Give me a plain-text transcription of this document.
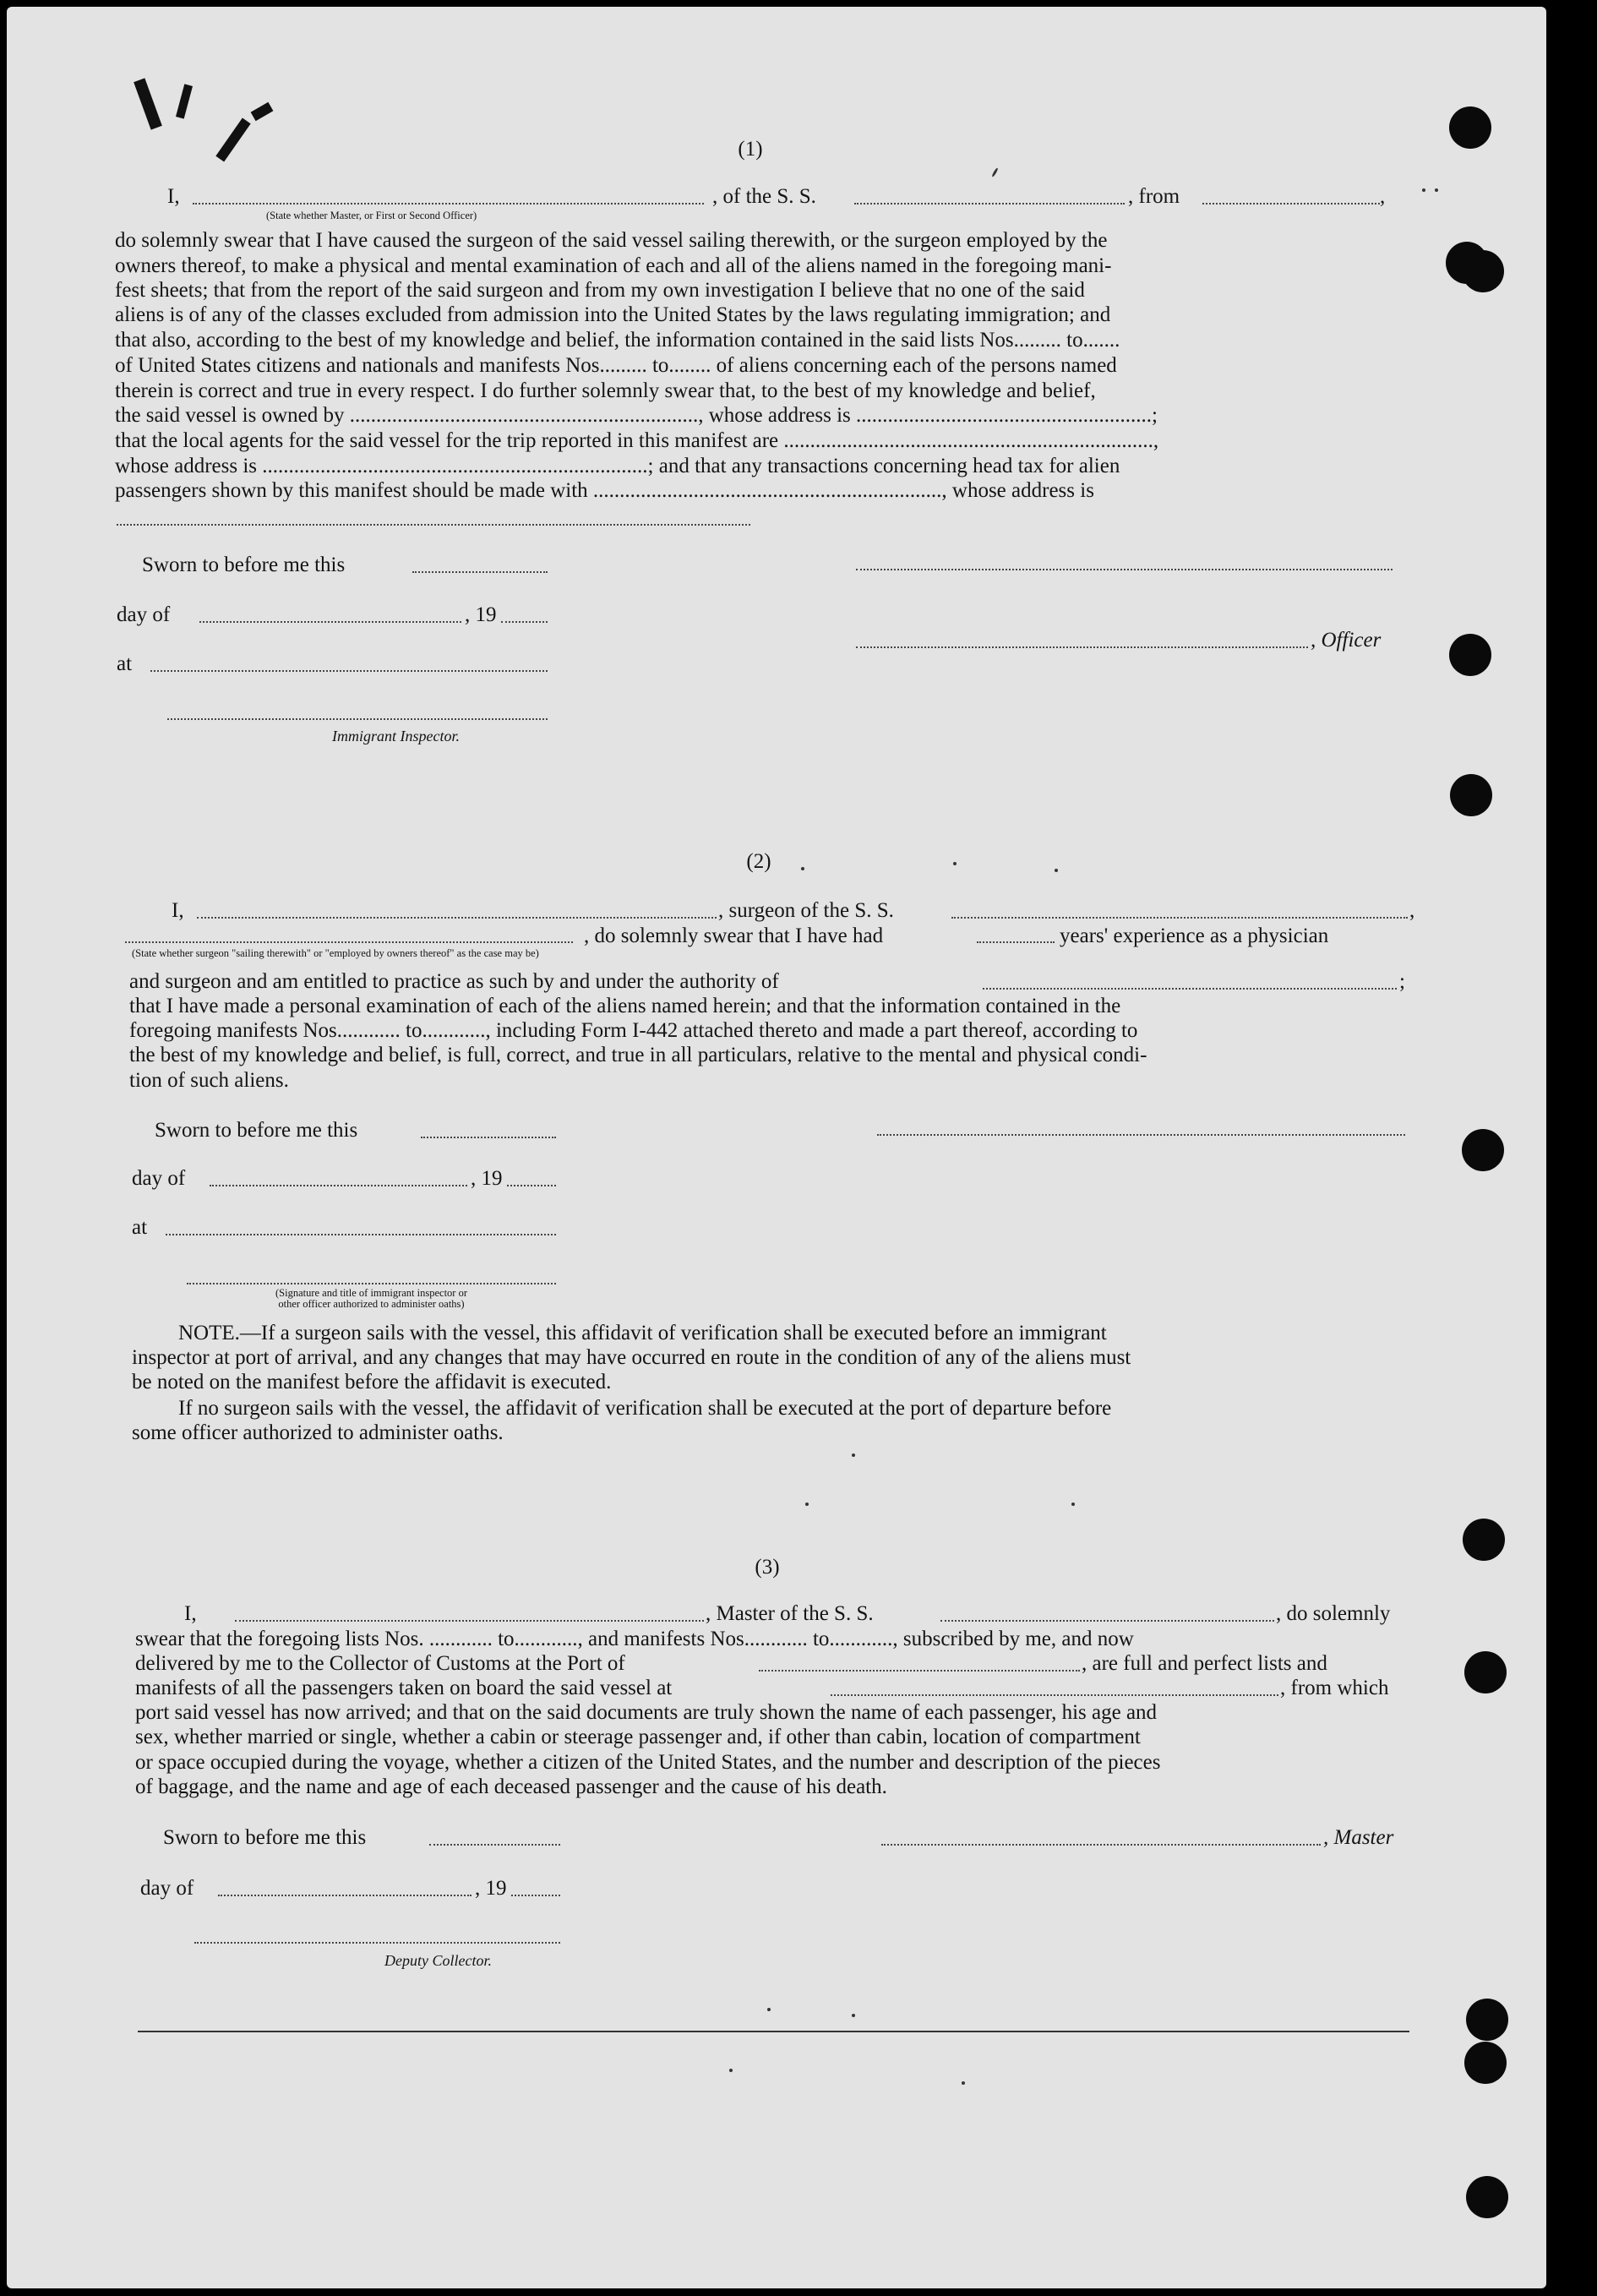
(1)
I,
(State whether Master, or First or Second Officer)
, of the S. S.	, from	,
do solemnly swear that I have caused the surgeon of the said vessel sailing therewith, or the surgeon employed by the
owners thereof, to make a physical and mental examination of each and all of the aliens named in the foregoing mani-
fest sheets; that from the report of the said surgeon and from my own investigation I believe that no one of the said
aliens is of any of the classes excluded from admission into the United States by the laws regulating immigration; and
that also, according to the best of my knowledge and belief, the information contained in the said lists Nos......... to.......
of United States citizens and nationals and manifests Nos......... to........ of aliens concerning each of the persons named
therein is correct and true in every respect. I do further solemnly swear that, to the best of my knowledge and belief,
the said vessel is owned by .................................................................., whose address is ........................................................;
that the local agents for the said vessel for the trip reported in this manifest are ......................................................................,
whose address is .........................................................................; and that any transactions concerning head tax for alien
passengers shown by this manifest should be made with .................................................................., whose address is
Sworn to before me this
day of	, 19
, Officer
at
Immigrant Inspector.
(2)
I,	, surgeon of the S. S.	,
, do solemnly swear that I have had	years' experience as a physician
(State whether surgeon "sailing therewith" or "employed by owners thereof" as the case may be)
and surgeon and am entitled to practice as such by and under the authority of	;
that I have made a personal examination of each of the aliens named herein; and that the information contained in the
foregoing manifests Nos............ to............, including Form I-442 attached thereto and made a part thereof, according to
the best of my knowledge and belief, is full, correct, and true in all particulars, relative to the mental and physical condi-
tion of such aliens.
Sworn to before me this
day of	, 19
at
(Signature and title of immigrant inspector or
other officer authorized to administer oaths)
NOTE.—If a surgeon sails with the vessel, this affidavit of verification shall be executed before an immigrant
inspector at port of arrival, and any changes that may have occurred en route in the condition of any of the aliens must
be noted on the manifest before the affidavit is executed.
If no surgeon sails with the vessel, the affidavit of verification shall be executed at the port of departure before
some officer authorized to administer oaths.
(3)
I,	, Master of the S. S.	, do solemnly
swear that the foregoing lists Nos. ............ to............, and manifests Nos............ to............, subscribed by me, and now
delivered by me to the Collector of Customs at the Port of	, are full and perfect lists and
manifests of all the passengers taken on board the said vessel at	, from which
port said vessel has now arrived; and that on the said documents are truly shown the name of each passenger, his age and
sex, whether married or single, whether a cabin or steerage passenger and, if other than cabin, location of compartment
or space occupied during the voyage, whether a citizen of the United States, and the number and description of the pieces
of baggage, and the name and age of each deceased passenger and the cause of his death.
Sworn to before me this	, Master
day of	, 19
Deputy Collector.
